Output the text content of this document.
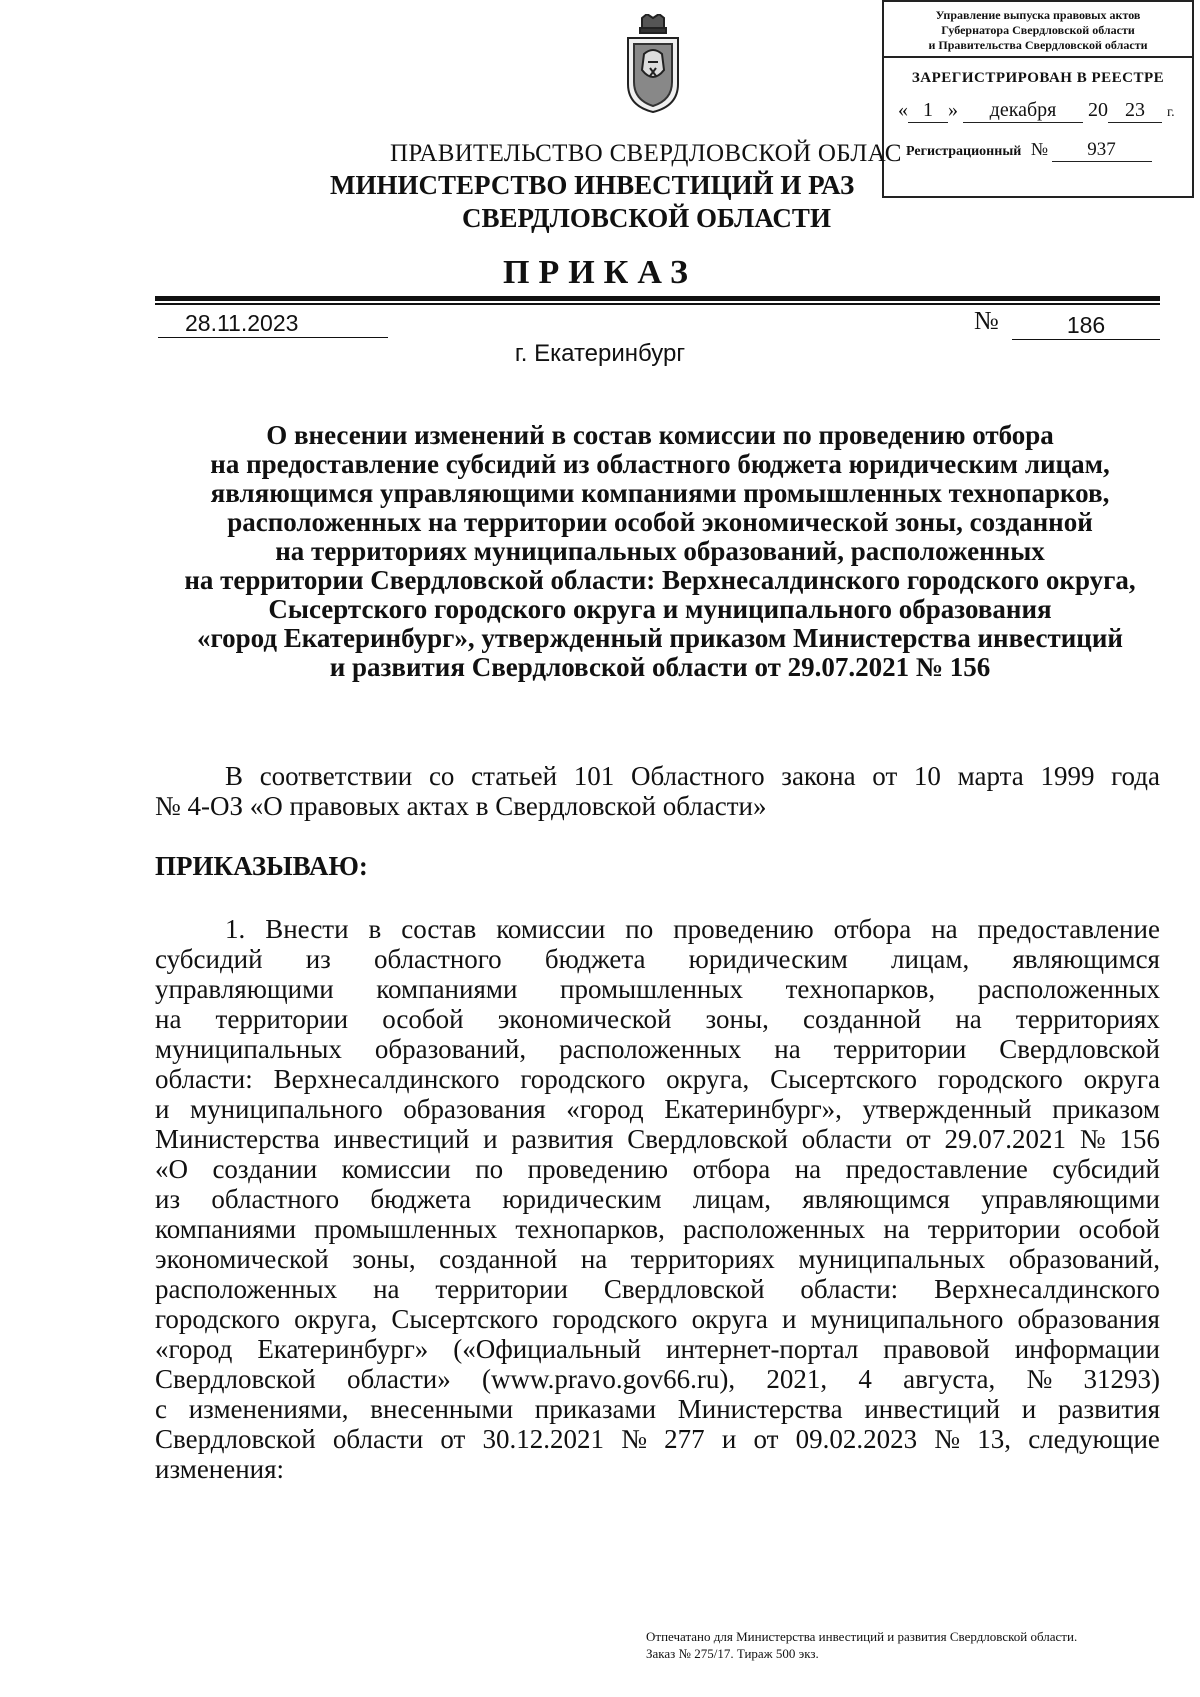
Управление выпуска правовых актов
Губернатора Свердловской области
и Правительства Свердловской области
ЗАРЕГИСТРИРОВАН В РЕЕСТРЕ
« 1 » декабря 20 23 г.
Регистрационный № 937
ПРАВИТЕЛЬСТВО СВЕРДЛОВСКОЙ ОБЛАС
МИНИСТЕРСТВО ИНВЕСТИЦИЙ И РАЗ
СВЕРДЛОВСКОЙ ОБЛАСТИ
ПРИКАЗ
28.11.2023	№	186
г. Екатеринбург
О внесении изменений в состав комиссии по проведению отбора
на предоставление субсидий из областного бюджета юридическим лицам,
являющимся управляющими компаниями промышленных технопарков,
расположенных на территории особой экономической зоны, созданной
на территориях муниципальных образований, расположенных
на территории Свердловской области: Верхнесалдинского городского округа,
Сысертского городского округа и муниципального образования
«город Екатеринбург», утвержденный приказом Министерства инвестиций
и развития Свердловской области от 29.07.2021 № 156
В соответствии со статьей 101 Областного закона от 10 марта 1999 года
№ 4-ОЗ «О правовых актах в Свердловской области»
ПРИКАЗЫВАЮ:
1. Внести в состав комиссии по проведению отбора на предоставление
субсидий из областного бюджета юридическим лицам, являющимся
управляющими компаниями промышленных технопарков, расположенных
на территории особой экономической зоны, созданной на территориях
муниципальных образований, расположенных на территории Свердловской
области: Верхнесалдинского городского округа, Сысертского городского округа
и муниципального образования «город Екатеринбург», утвержденный приказом
Министерства инвестиций и развития Свердловской области от 29.07.2021 № 156
«О создании комиссии по проведению отбора на предоставление субсидий
из областного бюджета юридическим лицам, являющимся управляющими
компаниями промышленных технопарков, расположенных на территории особой
экономической зоны, созданной на территориях муниципальных образований,
расположенных на территории Свердловской области: Верхнесалдинского
городского округа, Сысертского городского округа и муниципального образования
«город Екатеринбург» («Официальный интернет-портал правовой информации
Свердловской области» (www.pravo.gov66.ru), 2021, 4 августа, № 31293)
с изменениями, внесенными приказами Министерства инвестиций и развития
Свердловской области от 30.12.2021 № 277 и от 09.02.2023 № 13, следующие
изменения:
Отпечатано для Министерства инвестиций и развития Свердловской области.
Заказ № 275/17. Тираж 500 экз.
